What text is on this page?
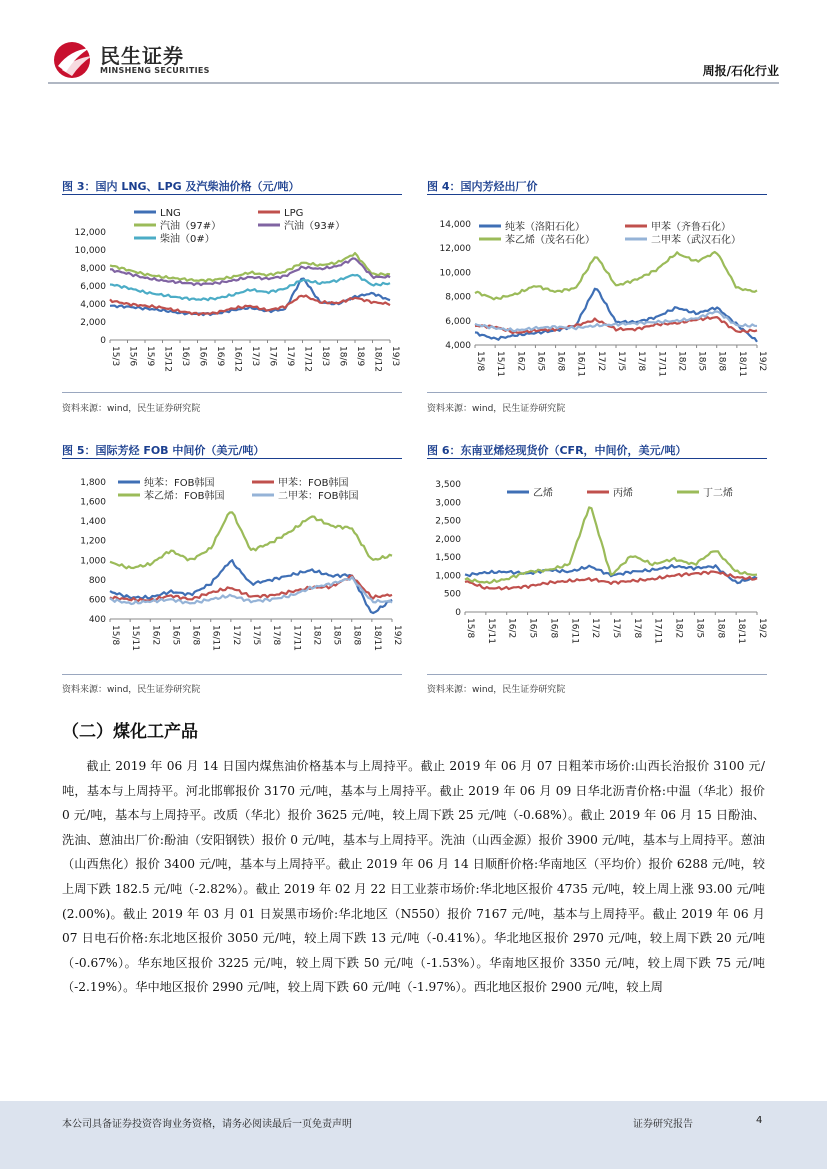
民生证券
MINSHENG SECURITIES	周报/石化行业
图 3：国内 LNG、LPG 及汽柴油价格（元/吨）
0
2,000
4,000
6,000
8,000
10,000
12,000
15/3 15/6 15/9 15/12 16/3 16/6 16/9 16/12 17/3 17/6 17/9 17/12 18/3 18/6 18/9 18/12 19/3
LNG	LPG
汽油（97#）	汽油（93#）
柴油（0#）
资料来源：wind，民生证券研究院
图 4：国内芳烃出厂价
4,000
6,000
8,000
10,000
12,000
14,000
15/8 15/11 16/2 16/5 16/8 16/11 17/2 17/5 17/8 17/11 18/2 18/5 18/8 18/11 19/2
纯苯（洛阳石化）	甲苯（齐鲁石化）
苯乙烯（茂名石化）	二甲苯（武汉石化）
资料来源：wind，民生证券研究院
图 5：国际芳烃 FOB 中间价（美元/吨）
400
600
800
1,000
1,200
1,400
1,600
1,800
15/8 15/11 16/2 16/5 16/8 16/11 17/2 17/5 17/8 17/11 18/2 18/5 18/8 18/11 19/2
纯苯：FOB韩国	甲苯：FOB韩国
苯乙烯：FOB韩国	二甲苯：FOB韩国
资料来源：wind，民生证券研究院
图 6：东南亚烯烃现货价（CFR，中间价，美元/吨）
0
500
1,000
1,500
2,000
2,500
3,000
3,500
15/8 15/11 16/2 16/5 16/8 16/11 17/2 17/5 17/8 17/11 18/2 18/5 18/8 18/11 19/2
乙烯	丙烯	丁二烯
资料来源：wind，民生证券研究院
（二）煤化工产品
截止 2019 年 06 月 14 日国内煤焦油价格基本与上周持平。截止 2019 年 06 月 07 日粗苯市场价:山西长治报价 3100 元/吨，基本与上周持平。河北邯郸报价 3170 元/吨，基本与上周持平。截止 2019 年 06 月 09 日华北沥青价格:中温（华北）报价 0 元/吨，基本与上周持平。改质（华北）报价 3625 元/吨，较上周下跌 25 元/吨（-0.68%）。截止 2019 年 06 月 15 日酚油、洗油、蒽油出厂价:酚油（安阳钢铁）报价 0 元/吨，基本与上周持平。洗油（山西金源）报价 3900 元/吨，基本与上周持平。蒽油（山西焦化）报价 3400 元/吨，基本与上周持平。截止 2019 年 06 月 14 日顺酐价格:华南地区（平均价）报价 6288 元/吨，较上周下跌 182.5 元/吨（-2.82%）。截止 2019 年 02 月 22 日工业萘市场价:华北地区报价 4735 元/吨，较上周上涨 93.00 元/吨(2.00%)。截止 2019 年 03 月 01 日炭黑市场价:华北地区（N550）报价 7167 元/吨，基本与上周持平。截止 2019 年 06 月 07 日电石价格:东北地区报价 3050 元/吨，较上周下跌 13 元/吨（-0.41%）。华北地区报价 2970 元/吨，较上周下跌 20 元/吨（-0.67%）。华东地区报价 3225 元/吨，较上周下跌 50 元/吨（-1.53%）。华南地区报价 3350 元/吨，较上周下跌 75 元/吨（-2.19%）。华中地区报价 2990 元/吨，较上周下跌 60 元/吨（-1.97%）。西北地区报价 2900 元/吨，较上周
本公司具备证券投资咨询业务资格，请务必阅读最后一页免责声明	证券研究报告	4
